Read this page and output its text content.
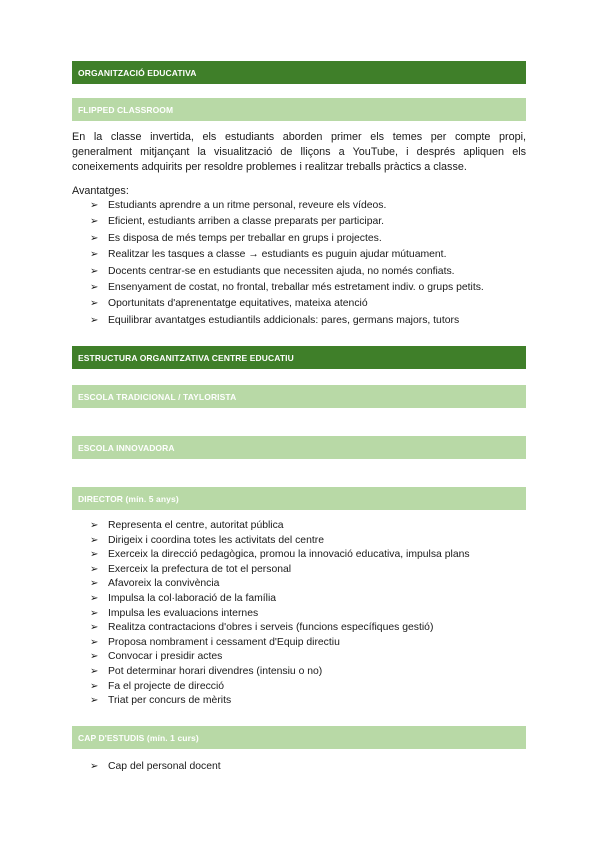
ORGANITZACIÓ EDUCATIVA
FLIPPED CLASSROOM
En la classe invertida, els estudiants aborden primer els temes per compte propi,
generalment mitjançant la visualització de lliçons a YouTube, i després apliquen els
coneixements adquirits per resoldre problemes i realitzar treballs pràctics a classe.
Avantatges:
➢ Estudiants aprendre a un ritme personal, reveure els vídeos.
➢ Eficient, estudiants arriben a classe preparats per participar.
➢ Es disposa de més temps per treballar en grups i projectes.
➢ Realitzar les tasques a classe → estudiants es puguin ajudar mútuament.
➢ Docents centrar-se en estudiants que necessiten ajuda, no només confiats.
➢ Ensenyament de costat, no frontal, treballar més estretament indiv. o grups petits.
➢ Oportunitats d'aprenentatge equitatives, mateixa atenció
➢ Equilibrar avantatges estudiantils addicionals: pares, germans majors, tutors
ESTRUCTURA ORGANITZATIVA CENTRE EDUCATIU
ESCOLA TRADICIONAL / TAYLORISTA
ESCOLA INNOVADORA
DIRECTOR (mín. 5 anys)
➢ Representa el centre, autoritat pública
➢ Dirigeix i coordina totes les activitats del centre
➢ Exerceix la direcció pedagògica, promou la innovació educativa, impulsa plans
➢ Exerceix la prefectura de tot el personal
➢ Afavoreix la convivència
➢ Impulsa la col·laboració de la família
➢ Impulsa les evaluacions internes
➢ Realitza contractacions d'obres i serveis (funcions específiques gestió)
➢ Proposa nombrament i cessament d'Equip directiu
➢ Convocar i presidir actes
➢ Pot determinar horari divendres (intensiu o no)
➢ Fa el projecte de direcció
➢ Triat per concurs de mèrits
CAP D'ESTUDIS (mín. 1 curs)
➢ Cap del personal docent
